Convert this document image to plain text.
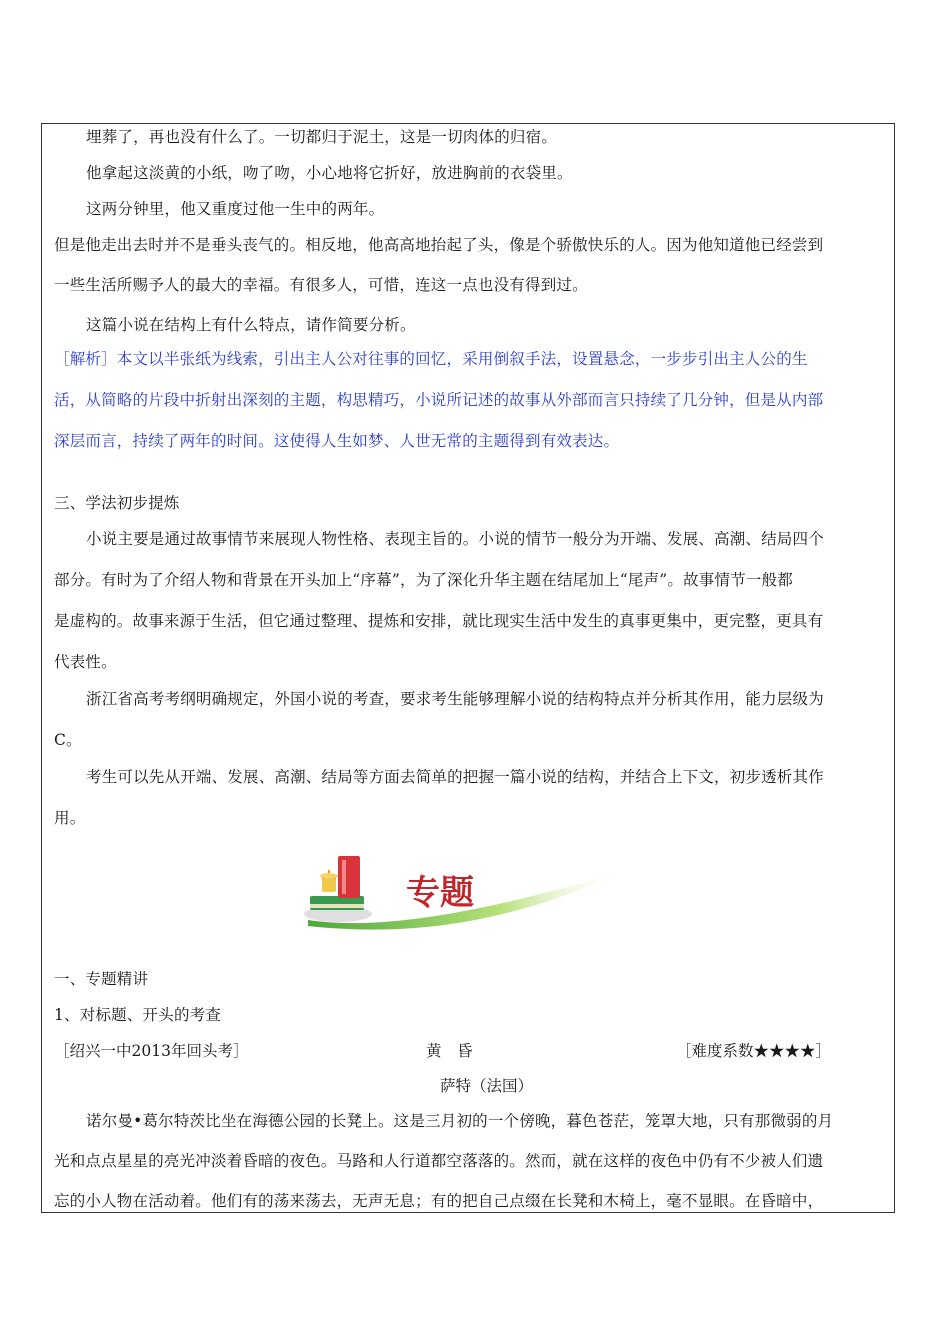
埋葬了，再也没有什么了。一切都归于泥土，这是一切肉体的归宿。
他拿起这淡黄的小纸，吻了吻，小心地将它折好，放进胸前的衣袋里。
这两分钟里，他又重度过他一生中的两年。
但是他走出去时并不是垂头丧气的。相反地，他高高地抬起了头，像是个骄傲快乐的人。因为他知道他已经尝到
一些生活所赐予人的最大的幸福。有很多人，可惜，连这一点也没有得到过。
这篇小说在结构上有什么特点，请作简要分析。
［解析］本文以半张纸为线索，引出主人公对往事的回忆，采用倒叙手法，设置悬念，一步步引出主人公的生
活，从简略的片段中折射出深刻的主题，构思精巧，小说所记述的故事从外部而言只持续了几分钟，但是从内部
深层而言，持续了两年的时间。这使得人生如梦、人世无常的主题得到有效表达。
三、学法初步提炼
小说主要是通过故事情节来展现人物性格、表现主旨的。小说的情节一般分为开端、发展、高潮、结局四个
部分。有时为了介绍人物和背景在开头加上“序幕”，为了深化升华主题在结尾加上“尾声”。故事情节一般都
是虚构的。故事来源于生活，但它通过整理、提炼和安排，就比现实生活中发生的真事更集中，更完整，更具有
代表性。
浙江省高考考纲明确规定，外国小说的考查，要求考生能够理解小说的结构特点并分析其作用，能力层级为
C。
考生可以先从开端、发展、高潮、结局等方面去简单的把握一篇小说的结构，并结合上下文，初步透析其作
用。
一、专题精讲
1、对标题、开头的考查
诺尔曼•葛尔特茨比坐在海德公园的长凳上。这是三月初的一个傍晚，暮色苍茫，笼罩大地，只有那微弱的月
光和点点星星的亮光冲淡着昏暗的夜色。马路和人行道都空落落的。然而，就在这样的夜色中仍有不少被人们遗
忘的小人物在活动着。他们有的荡来荡去，无声无息；有的把自己点缀在长凳和木椅上，毫不显眼。在昏暗中，
专题
［绍兴一中2013年回头考］	黄　昏	［难度系数★★★★］
萨特（法国）
